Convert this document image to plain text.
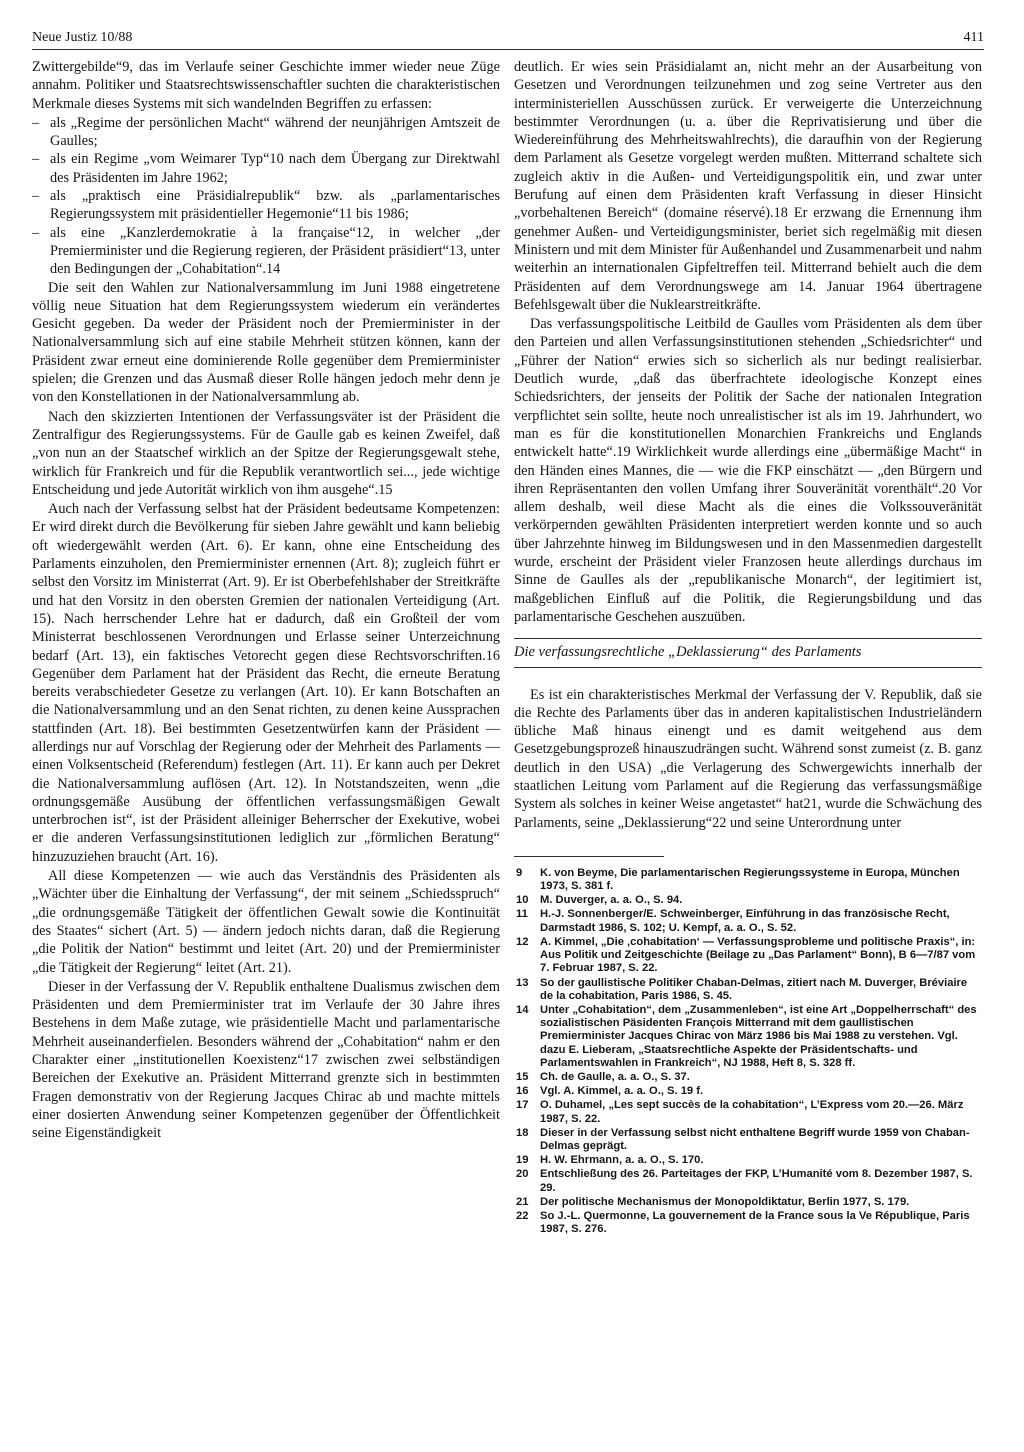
Neue Justiz 10/88	411

Zwittergebilde“9, das im Verlaufe seiner Geschichte immer wieder neue Züge annahm. Politiker und Staatsrechtswissenschaftler suchten die charakteristischen Merkmale dieses Systems mit sich wandelnden Begriffen zu erfassen:

– als „Regime der persönlichen Macht“ während der neunjährigen Amtszeit de Gaulles;
– als ein Regime „vom Weimarer Typ“10 nach dem Übergang zur Direktwahl des Präsidenten im Jahre 1962;
– als „praktisch eine Präsidialrepublik“ bzw. als „parlamentarisches Regierungssystem mit präsidentieller Hegemonie“11 bis 1986;
– als eine „Kanzlerdemokratie à la française“12, in welcher „der Premierminister und die Regierung regieren, der Präsident präsidiert“13, unter den Bedingungen der „Cohabitation“.14

Die seit den Wahlen zur Nationalversammlung im Juni 1988 eingetretene völlig neue Situation hat dem Regierungssystem wiederum ein verändertes Gesicht gegeben. Da weder der Präsident noch der Premierminister in der Nationalversammlung sich auf eine stabile Mehrheit stützen können, kann der Präsident zwar erneut eine dominierende Rolle gegenüber dem Premierminister spielen; die Grenzen und das Ausmaß dieser Rolle hängen jedoch mehr denn je von den Konstellationen in der Nationalversammlung ab.

Nach den skizzierten Intentionen der Verfassungsväter ist der Präsident die Zentralfigur des Regierungssystems. Für de Gaulle gab es keinen Zweifel, daß „von nun an der Staatschef wirklich an der Spitze der Regierungsgewalt stehe, wirklich für Frankreich und für die Republik verantwortlich sei..., jede wichtige Entscheidung und jede Autorität wirklich von ihm ausgehe“.15

Auch nach der Verfassung selbst hat der Präsident bedeutsame Kompetenzen: Er wird direkt durch die Bevölkerung für sieben Jahre gewählt und kann beliebig oft wiedergewählt werden (Art. 6). Er kann, ohne eine Entscheidung des Parlaments einzuholen, den Premierminister ernennen (Art. 8); zugleich führt er selbst den Vorsitz im Ministerrat (Art. 9). Er ist Oberbefehlshaber der Streitkräfte und hat den Vorsitz in den obersten Gremien der nationalen Verteidigung (Art. 15). Nach herrschender Lehre hat er dadurch, daß ein Großteil der vom Ministerrat beschlossenen Verordnungen und Erlasse seiner Unterzeichnung bedarf (Art. 13), ein faktisches Vetorecht gegen diese Rechtsvorschriften.16 Gegenüber dem Parlament hat der Präsident das Recht, die erneute Beratung bereits verabschiedeter Gesetze zu verlangen (Art. 10). Er kann Botschaften an die Nationalversammlung und an den Senat richten, zu denen keine Aussprachen stattfinden (Art. 18). Bei bestimmten Gesetzentwürfen kann der Präsident — allerdings nur auf Vorschlag der Regierung oder der Mehrheit des Parlaments — einen Volksentscheid (Referendum) festlegen (Art. 11). Er kann auch per Dekret die Nationalversammlung auflösen (Art. 12). In Notstandszeiten, wenn „die ordnungsgemäße Ausübung der öffentlichen verfassungsmäßigen Gewalt unterbrochen ist“, ist der Präsident alleiniger Beherrscher der Exekutive, wobei er die anderen Verfassungsinstitutionen lediglich zur „förmlichen Beratung“ hinzuzuziehen braucht (Art. 16).

All diese Kompetenzen — wie auch das Verständnis des Präsidenten als „Wächter über die Einhaltung der Verfassung“, der mit seinem „Schiedsspruch“ „die ordnungsgemäße Tätigkeit der öffentlichen Gewalt sowie die Kontinuität des Staates“ sichert (Art. 5) — ändern jedoch nichts daran, daß die Regierung „die Politik der Nation“ bestimmt und leitet (Art. 20) und der Premierminister „die Tätigkeit der Regierung“ leitet (Art. 21).

Dieser in der Verfassung der V. Republik enthaltene Dualismus zwischen dem Präsidenten und dem Premierminister trat im Verlaufe der 30 Jahre ihres Bestehens in dem Maße zutage, wie präsidentielle Macht und parlamentarische Mehrheit auseinanderfielen. Besonders während der „Cohabitation“ nahm er den Charakter einer „institutionellen Koexistenz“17 zwischen zwei selbständigen Bereichen der Exekutive an. Präsident Mitterrand grenzte sich in bestimmten Fragen demonstrativ von der Regierung Jacques Chirac ab und machte mittels einer dosierten Anwendung seiner Kompetenzen gegenüber der Öffentlichkeit seine Eigenständigkeit

deutlich. Er wies sein Präsidialamt an, nicht mehr an der Ausarbeitung von Gesetzen und Verordnungen teilzunehmen und zog seine Vertreter aus den interministeriellen Ausschüssen zurück. Er verweigerte die Unterzeichnung bestimmter Verordnungen (u. a. über die Reprivatisierung und über die Wiedereinführung des Mehrheitswahlrechts), die daraufhin von der Regierung dem Parlament als Gesetze vorgelegt werden mußten. Mitterrand schaltete sich zugleich aktiv in die Außen- und Verteidigungspolitik ein, und zwar unter Berufung auf einen dem Präsidenten kraft Verfassung in dieser Hinsicht „vorbehaltenen Bereich“ (domaine réservé).18 Er erzwang die Ernennung ihm genehmer Außen- und Verteidigungsminister, beriet sich regelmäßig mit diesen Ministern und mit dem Minister für Außenhandel und Zusammenarbeit und nahm weiterhin an internationalen Gipfeltreffen teil. Mitterrand behielt auch die dem Präsidenten auf dem Verordnungswege am 14. Januar 1964 übertragene Befehlsgewalt über die Nuklearstreitkräfte.

Das verfassungspolitische Leitbild de Gaulles vom Präsidenten als dem über den Parteien und allen Verfassungsinstitutionen stehenden „Schiedsrichter“ und „Führer der Nation“ erwies sich so sicherlich als nur bedingt realisierbar. Deutlich wurde, „daß das überfrachtete ideologische Konzept eines Schiedsrichters, der jenseits der Politik der Sache der nationalen Integration verpflichtet sein sollte, heute noch unrealistischer ist als im 19. Jahrhundert, wo man es für die konstitutionellen Monarchien Frankreichs und Englands entwickelt hatte“.19 Wirklichkeit wurde allerdings eine „übermäßige Macht“ in den Händen eines Mannes, die — wie die FKP einschätzt — „den Bürgern und ihren Repräsentanten den vollen Umfang ihrer Souveränität vorenthält“.20 Vor allem deshalb, weil diese Macht als die eines die Volkssouveränität verkörpernden gewählten Präsidenten interpretiert werden konnte und so auch über Jahrzehnte hinweg im Bildungswesen und in den Massenmedien dargestellt wurde, erscheint der Präsident vieler Franzosen heute allerdings durchaus im Sinne de Gaulles als der „republikanische Monarch“, der legitimiert ist, maßgeblichen Einfluß auf die Politik, die Regierungsbildung und das parlamentarische Geschehen auszuüben.

Die verfassungsrechtliche „Deklassierung“ des Parlaments

Es ist ein charakteristisches Merkmal der Verfassung der V. Republik, daß sie die Rechte des Parlaments über das in anderen kapitalistischen Industrieländern übliche Maß hinaus einengt und es damit weitgehend aus dem Gesetzgebungsprozeß hinauszudrängen sucht. Während sonst zumeist (z. B. ganz deutlich in den USA) „die Verlagerung des Schwergewichts innerhalb der staatlichen Leitung vom Parlament auf die Regierung das verfassungsmäßige System als solches in keiner Weise angetastet“ hat21, wurde die Schwächung des Parlaments, seine „Deklassierung“22 und seine Unterordnung unter

9 K. von Beyme, Die parlamentarischen Regierungssysteme in Europa, München 1973, S. 381 f.
10 M. Duverger, a. a. O., S. 94.
11 H.-J. Sonnenberger/E. Schweinberger, Einführung in das französische Recht, Darmstadt 1986, S. 102; U. Kempf, a. a. O., S. 52.
12 A. Kimmel, „Die ‚cohabitation‘ — Verfassungsprobleme und politische Praxis“, in: Aus Politik und Zeitgeschichte (Beilage zu „Das Parlament“ Bonn), B 6—7/87 vom 7. Februar 1987, S. 22.
13 So der gaullistische Politiker Chaban-Delmas, zitiert nach M. Duverger, Bréviaire de la cohabitation, Paris 1986, S. 45.
14 Unter „Cohabitation“, dem „Zusammenleben“, ist eine Art „Doppelherrschaft“ des sozialistischen Päsidenten François Mitterrand mit dem gaullistischen Premierminister Jacques Chirac von März 1986 bis Mai 1988 zu verstehen. Vgl. dazu E. Lieberam, „Staatsrechtliche Aspekte der Präsidentschafts- und Parlamentswahlen in Frankreich“, NJ 1988, Heft 8, S. 328 ff.
15 Ch. de Gaulle, a. a. O., S. 37.
16 Vgl. A. Kimmel, a. a. O., S. 19 f.
17 O. Duhamel, „Les sept succès de la cohabitation“, L’Express vom 20.—26. März 1987, S. 22.
18 Dieser in der Verfassung selbst nicht enthaltene Begriff wurde 1959 von Chaban-Delmas geprägt.
19 H. W. Ehrmann, a. a. O., S. 170.
20 Entschließung des 26. Parteitages der FKP, L’Humanité vom 8. Dezember 1987, S. 29.
21 Der politische Mechanismus der Monopoldiktatur, Berlin 1977, S. 179.
22 So J.-L. Quermonne, La gouvernement de la France sous la Ve République, Paris 1987, S. 276.
